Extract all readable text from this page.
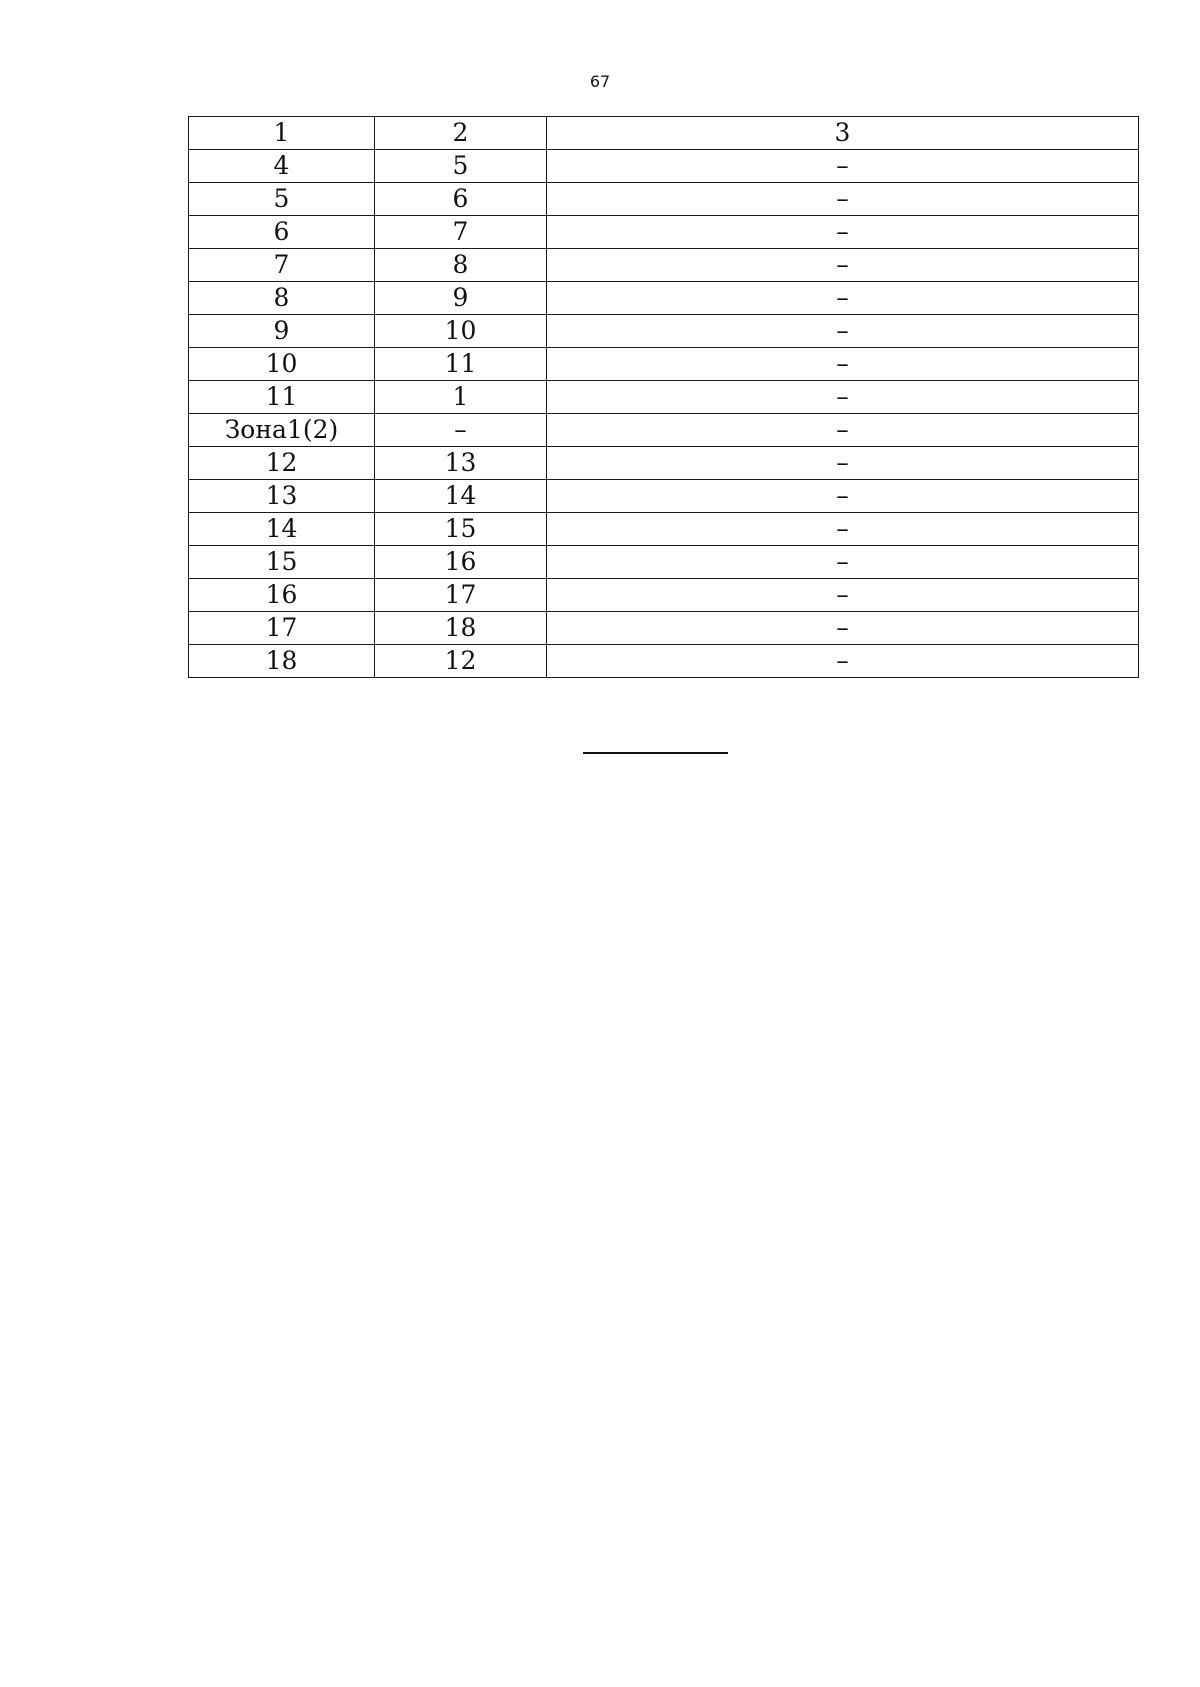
67
1	2	3
4	5	–
5	6	–
6	7	–
7	8	–
8	9	–
9	10	–
10	11	–
11	1	–
Зона1(2)	–	–
12	13	–
13	14	–
14	15	–
15	16	–
16	17	–
17	18	–
18	12	–
